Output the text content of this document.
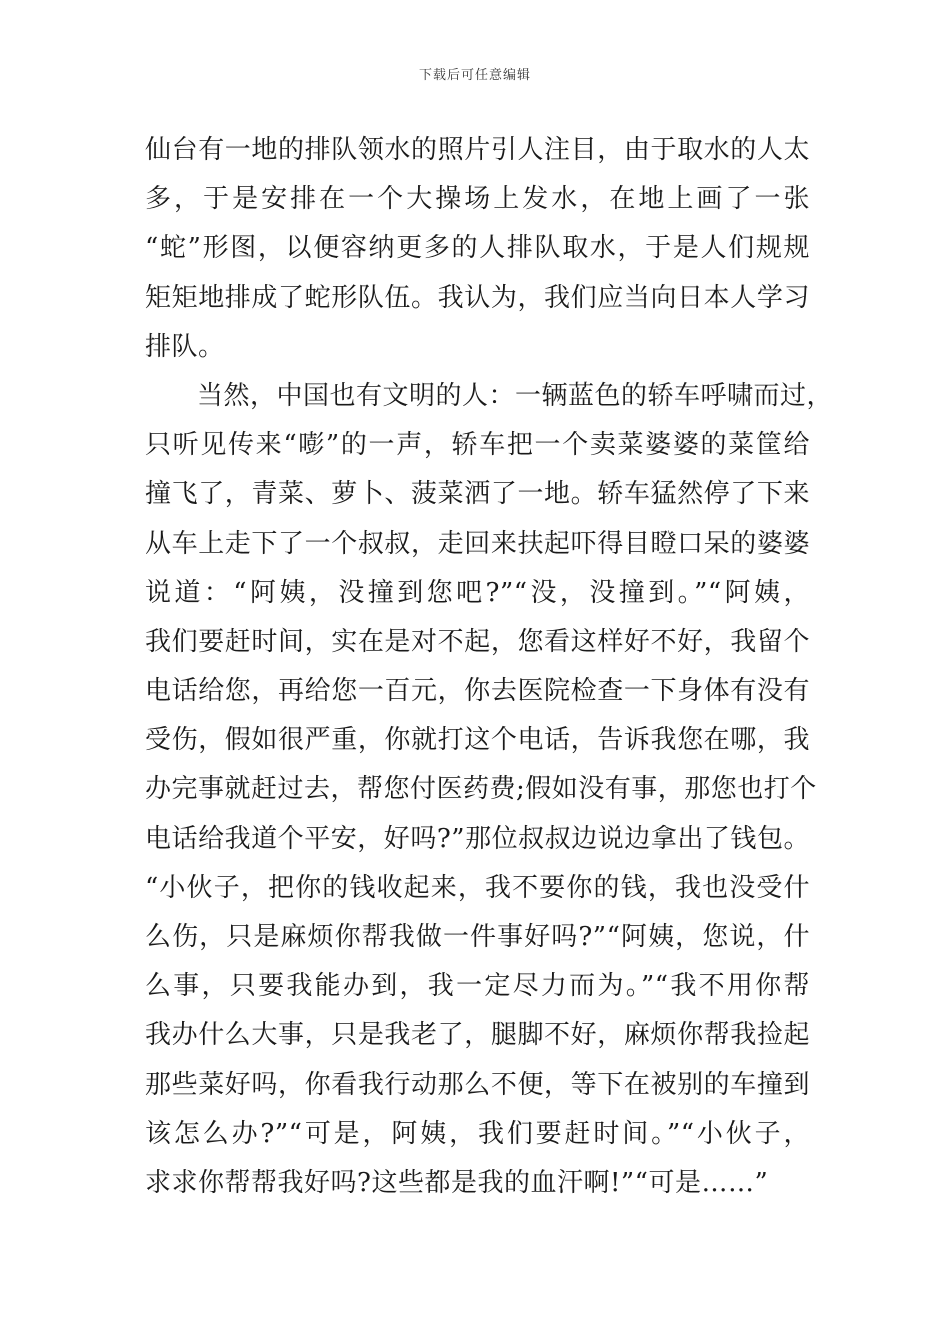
下载后可任意编辑
仙台有一地的排队领水的照片引人注目，由于取水的人太
多，于是安排在一个大操场上发水，在地上画了一张
“蛇”形图，以便容纳更多的人排队取水，于是人们规规
矩矩地排成了蛇形队伍。我认为，我们应当向日本人学习
排队。
当然，中国也有文明的人：一辆蓝色的轿车呼啸而过，
只听见传来“嘭”的一声，轿车把一个卖菜婆婆的菜筐给
撞飞了，青菜、萝卜、菠菜洒了一地。轿车猛然停了下来
从车上走下了一个叔叔，走回来扶起吓得目瞪口呆的婆婆
说道：“阿姨，没撞到您吧?”“没，没撞到。”“阿姨，
我们要赶时间，实在是对不起，您看这样好不好，我留个
电话给您，再给您一百元，你去医院检查一下身体有没有
受伤，假如很严重，你就打这个电话，告诉我您在哪，我
办完事就赶过去，帮您付医药费;假如没有事，那您也打个
电话给我道个平安，好吗?”那位叔叔边说边拿出了钱包。
“小伙子，把你的钱收起来，我不要你的钱，我也没受什
么伤，只是麻烦你帮我做一件事好吗?”“阿姨，您说，什
么事，只要我能办到，我一定尽力而为。”“我不用你帮
我办什么大事，只是我老了，腿脚不好，麻烦你帮我捡起
那些菜好吗，你看我行动那么不便，等下在被别的车撞到
该怎么办?”“可是，阿姨，我们要赶时间。”“小伙子，
求求你帮帮我好吗?这些都是我的血汗啊!”“可是……”
